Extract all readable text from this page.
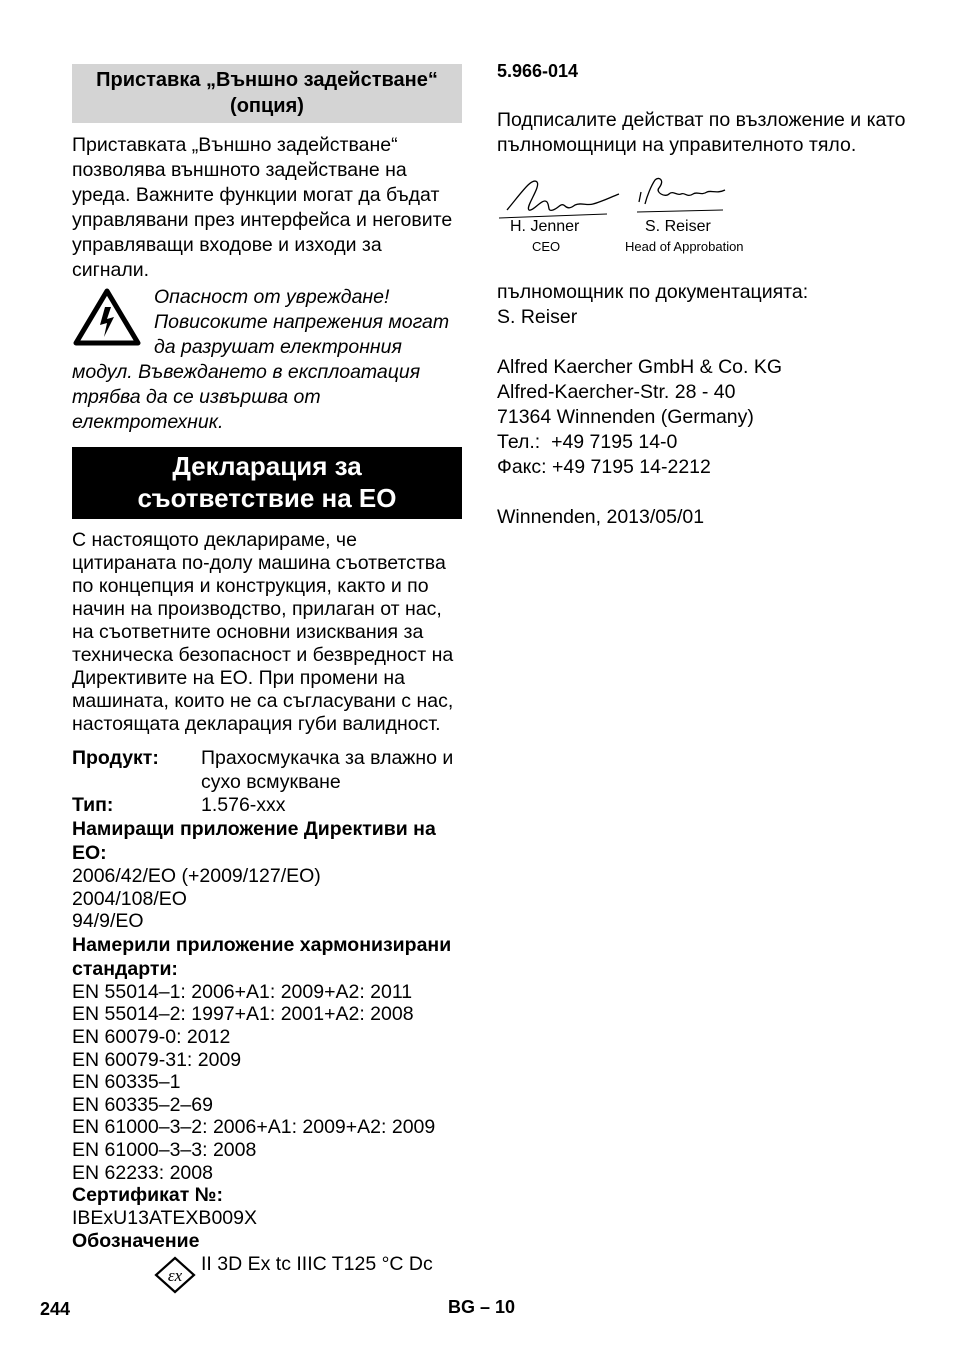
Приставка „Външно задействане“ (опция)

Приставката „Външно задействане“ позволява външното задействане на уреда. Важните функции могат да бъдат управлявани през интерфейса и неговите управляващи входове и изходи за сигнали.

Опасност от увреждане! Повисоките напрежения могат да разрушат електронния модул. Въвеждането в експлоатация трябва да се извършва от електротехник.
Декларация за
съответствие на ЕО

С настоящото декларираме, че цитираната по-долу машина съответства по концепция и конструкция, както и по начин на производство, прилаган от нас, на съответните основни изисквания за техническа безопасност и безвредност на Директивите на ЕО. При промени на машината, които не са съгласувани с нас, настоящата декларация губи валидност.

Продукт:	Прахосмукачка за влажно и сухо всмукване
Тип:	1.576-xxx
Намиращи приложение Директиви на ЕО:
2006/42/ЕО (+2009/127/ЕО)
2004/108/ЕО
94/9/ЕО
Намерили приложение хармонизирани стандарти:
EN 55014–1: 2006+A1: 2009+A2: 2011
EN 55014–2: 1997+A1: 2001+A2: 2008
EN 60079-0: 2012
EN 60079-31: 2009
EN 60335–1
EN 60335–2–69
EN 61000–3–2: 2006+A1: 2009+A2: 2009
EN 61000–3–3: 2008
EN 62233: 2008
Сертификат №:
IBExU13ATEXB009X
Обозначение
εx
II 3D Ex tc IIIC T125 °C Dc
5.966-014

Подписалите действат по възложение и като пълномощници на управителното тяло.

H. Jenner
CEO
S. Reiser
Head of Approbation
пълномощник по документацията:
S. Reiser
Alfred Kaercher GmbH & Co. KG
Alfred-Kaercher-Str. 28 - 40
71364 Winnenden (Germany)
Тел.:  +49 7195 14-0
Факс: +49 7195 14-2212
Winnenden, 2013/05/01
244	BG – 10
